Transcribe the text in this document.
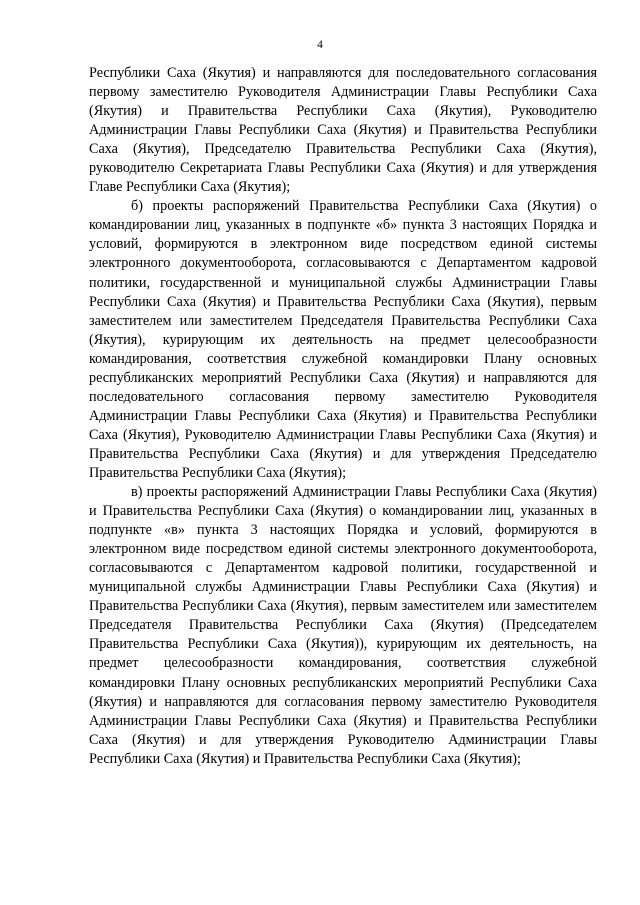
4

Республики Саха (Якутия) и направляются для последовательного согласования первому заместителю Руководителя Администрации Главы Республики Саха (Якутия) и Правительства Республики Саха (Якутия), Руководителю Администрации Главы Республики Саха (Якутия) и Правительства Республики Саха (Якутия), Председателю Правительства Республики Саха (Якутия), руководителю Секретариата Главы Республики Саха (Якутия) и для утверждения Главе Республики Саха (Якутия);

б) проекты распоряжений Правительства Республики Саха (Якутия) о командировании лиц, указанных в подпункте «б» пункта 3 настоящих Порядка и условий, формируются в электронном виде посредством единой системы электронного документооборота, согласовываются с Департаментом кадровой политики, государственной и муниципальной службы Администрации Главы Республики Саха (Якутия) и Правительства Республики Саха (Якутия), первым заместителем или заместителем Председателя Правительства Республики Саха (Якутия), курирующим их деятельность на предмет целесообразности командирования, соответствия служебной командировки Плану основных республиканских мероприятий Республики Саха (Якутия) и направляются для последовательного согласования первому заместителю Руководителя Администрации Главы Республики Саха (Якутия) и Правительства Республики Саха (Якутия), Руководителю Администрации Главы Республики Саха (Якутия) и Правительства Республики Саха (Якутия) и для утверждения Председателю Правительства Республики Саха (Якутия);

в) проекты распоряжений Администрации Главы Республики Саха (Якутия) и Правительства Республики Саха (Якутия) о командировании лиц, указанных в подпункте «в» пункта 3 настоящих Порядка и условий, формируются в электронном виде посредством единой системы электронного документооборота, согласовываются с Департаментом кадровой политики, государственной и муниципальной службы Администрации Главы Республики Саха (Якутия) и Правительства Республики Саха (Якутия), первым заместителем или заместителем Председателя Правительства Республики Саха (Якутия) (Председателем Правительства Республики Саха (Якутия)), курирующим их деятельность, на предмет целесообразности командирования, соответствия служебной командировки Плану основных республиканских мероприятий Республики Саха (Якутия) и направляются для согласования первому заместителю Руководителя Администрации Главы Республики Саха (Якутия) и Правительства Республики Саха (Якутия) и для утверждения Руководителю Администрации Главы Республики Саха (Якутия) и Правительства Республики Саха (Якутия);
